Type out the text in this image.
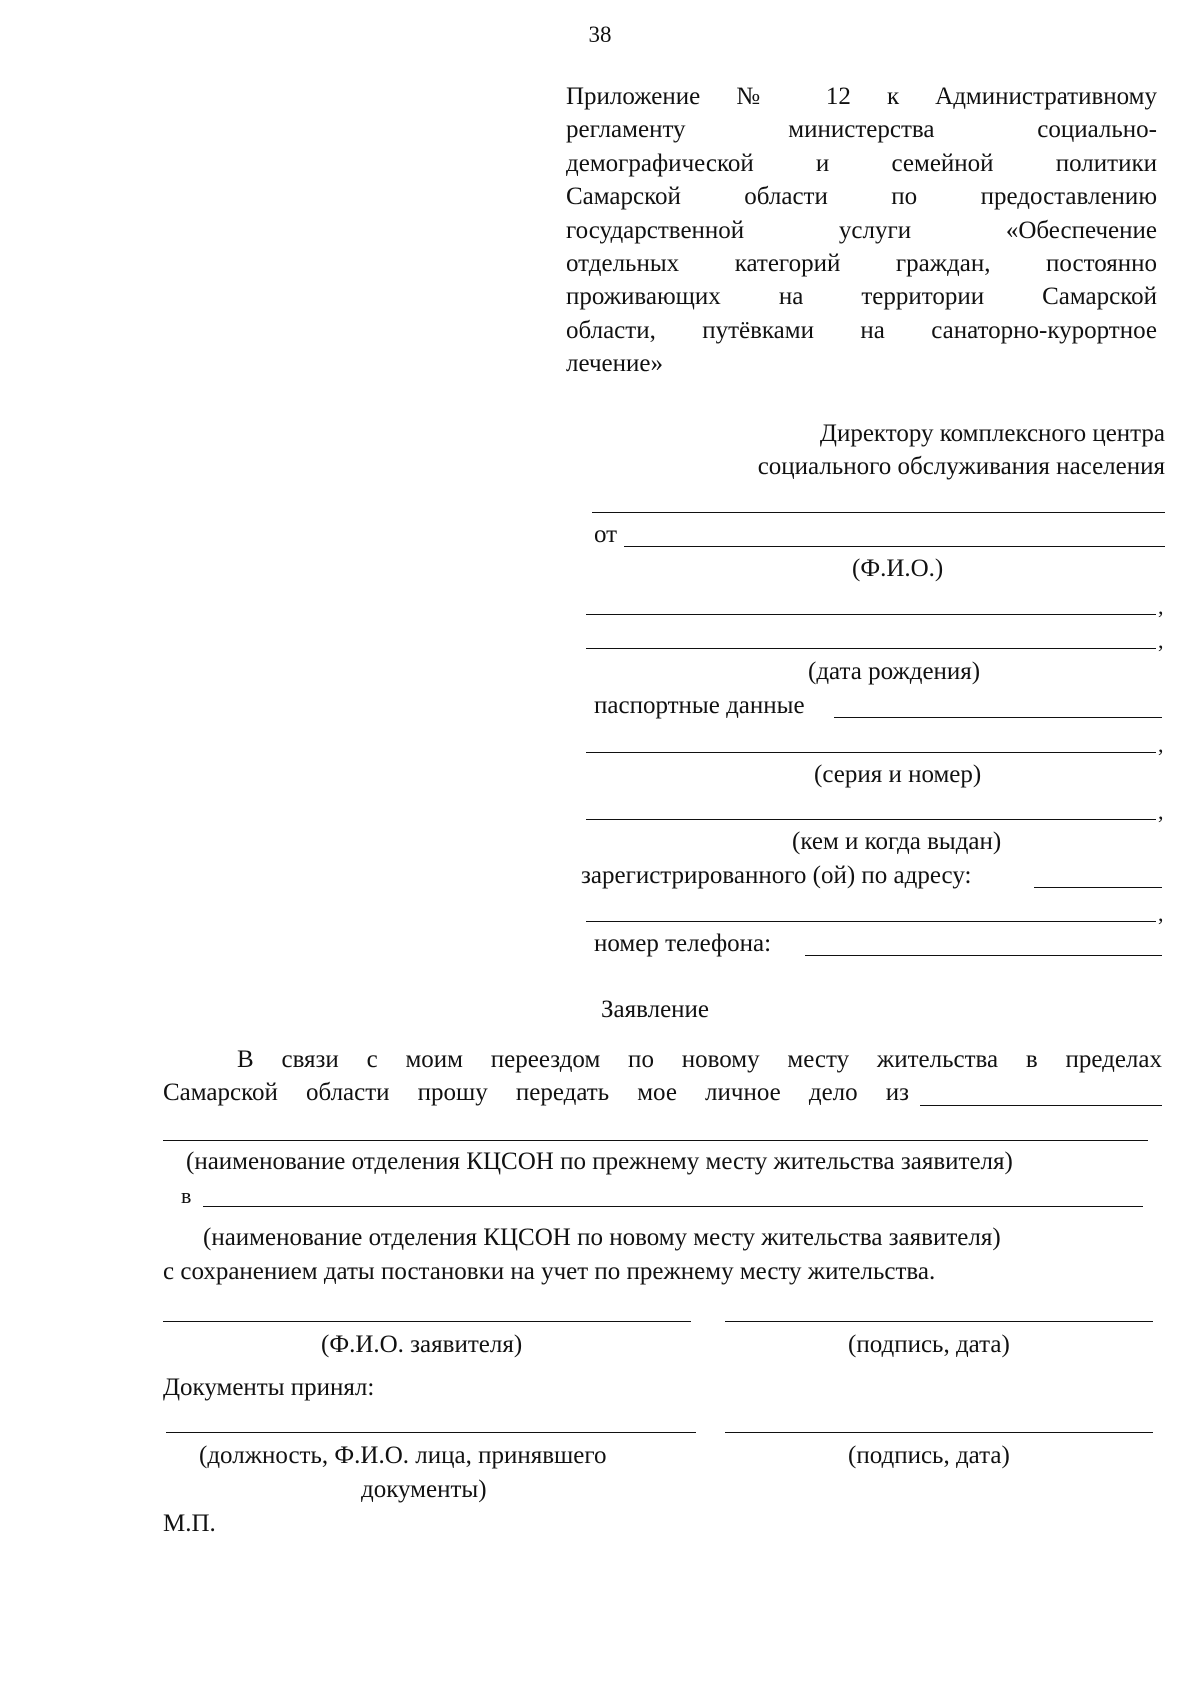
38
Приложение № 12 к Административному
регламенту министерства социально-
демографической и семейной политики
Самарской области по предоставлению
государственной услуги «Обеспечение
отдельных категорий граждан, постоянно
проживающих на территории Самарской
области, путёвками на санаторно-курортное
лечение»
Директору комплексного центра
социального обслуживания населения
от
(Ф.И.О.)
,
,
(дата рождения)
паспортные данные
,
(серия и номер)
,
(кем и когда выдан)
зарегистрированного (ой) по адресу:
,
номер телефона:
Заявление
В связи с моим переездом по новому месту жительства в пределах
Самарской области прошу передать мое личное дело из
(наименование отделения КЦСОН по прежнему месту жительства заявителя)
в
(наименование отделения КЦСОН по новому месту жительства заявителя)
с сохранением даты постановки на учет по прежнему месту жительства.
(Ф.И.О. заявителя)	(подпись, дата)
Документы принял:
(должность, Ф.И.О. лица, принявшего
документы)
(подпись, дата)
М.П.
